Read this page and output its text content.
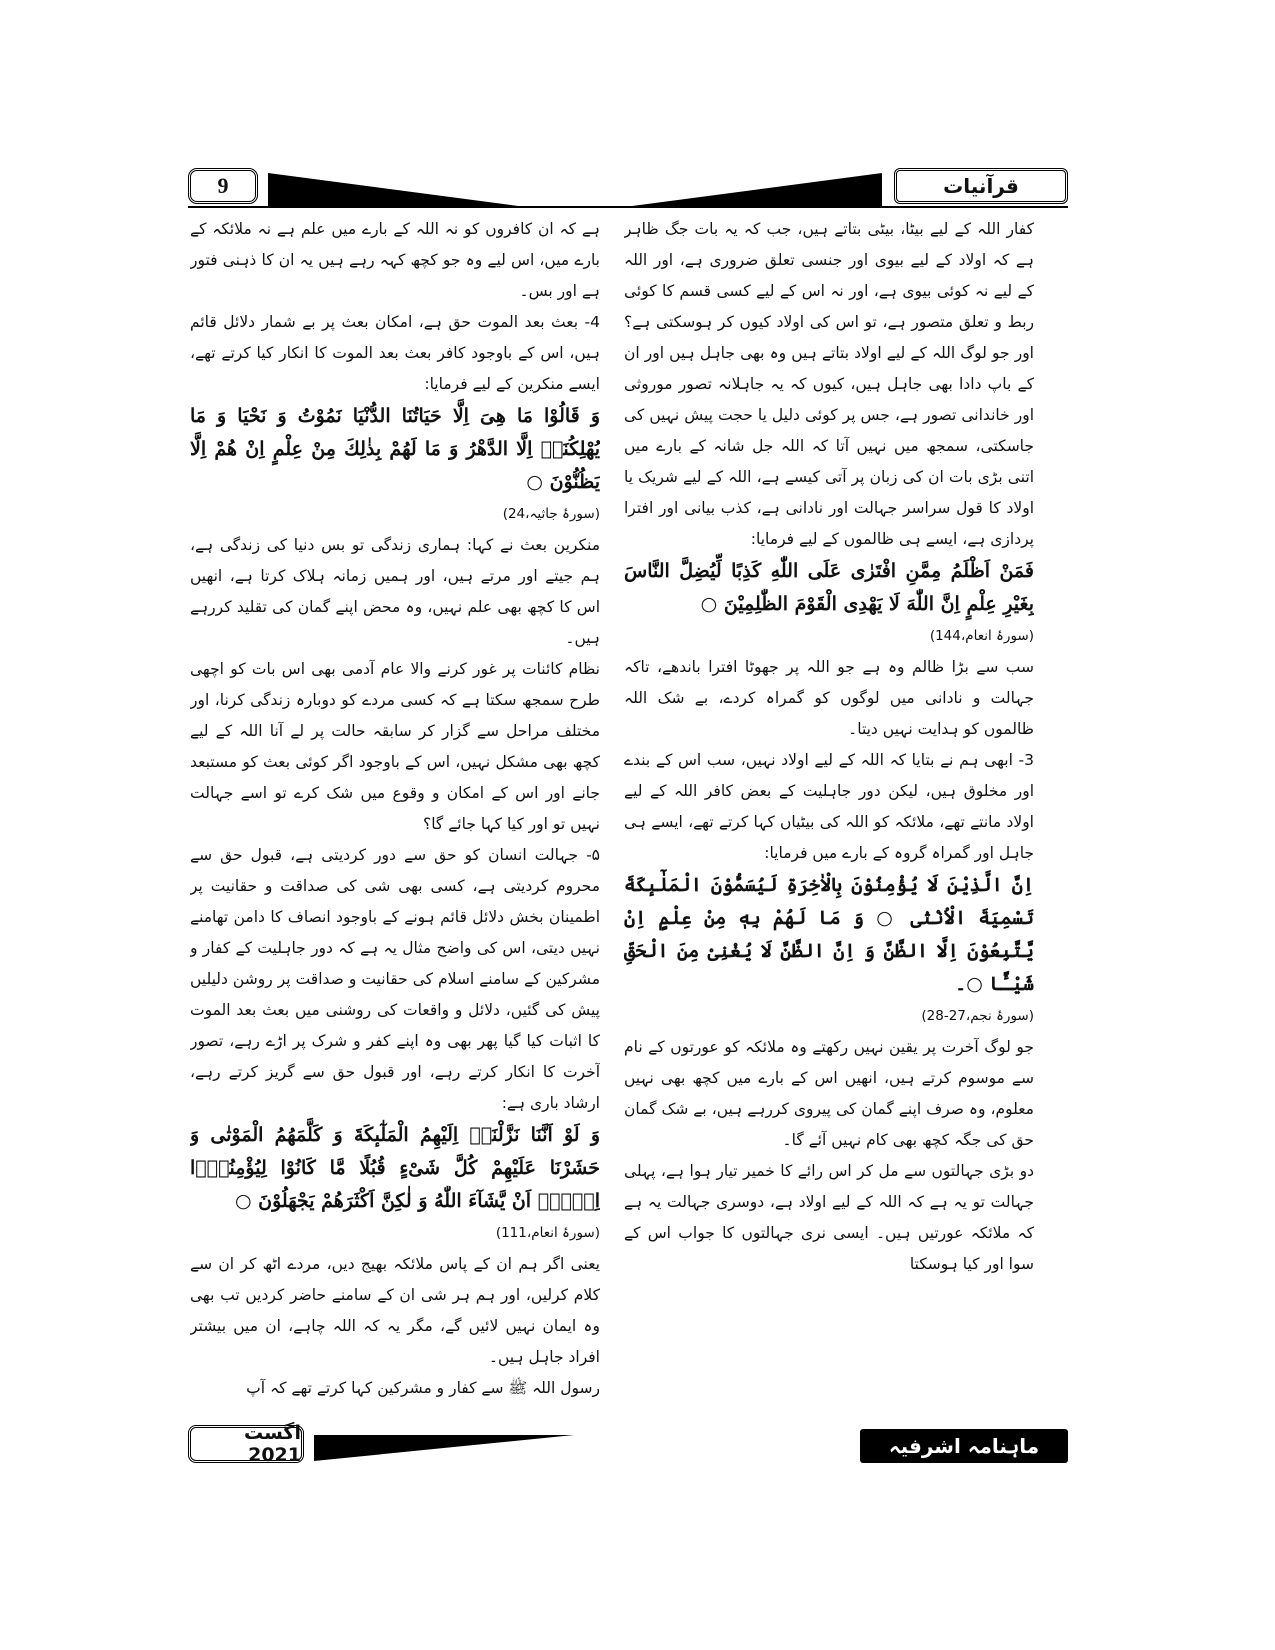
9	قرآنیات

کفار اللہ کے لیے بیٹا، بیٹی بتاتے ہیں، جب کہ یہ بات جگ ظاہر ہے کہ اولاد کے لیے بیوی اور جنسی تعلق ضروری ہے، اور اللہ کے لیے نہ کوئی بیوی ہے، اور نہ اس کے لیے کسی قسم کا کوئی ربط و تعلق متصور ہے، تو اس کی اولاد کیوں کر ہوسکتی ہے؟ اور جو لوگ اللہ کے لیے اولاد بتاتے ہیں وہ بھی جاہل ہیں اور ان کے باپ دادا بھی جاہل ہیں، کیوں کہ یہ جاہلانہ تصور موروثی اور خاندانی تصور ہے، جس پر کوئی دلیل یا حجت پیش نہیں کی جاسکتی، سمجھ میں نہیں آتا کہ اللہ جل شانہ کے بارے میں اتنی بڑی بات ان کی زبان پر آتی کیسے ہے، اللہ کے لیے شریک یا اولاد کا قول سراسر جہالت اور نادانی ہے، کذب بیانی اور افترا پردازی ہے، ایسے ہی ظالموں کے لیے فرمایا:

فَمَنْ اَظْلَمُ مِمَّنِ افْتَرٰی عَلَی اللّٰهِ كَذِبًا لِّیُضِلَّ النَّاسَ بِغَیْرِ عِلْمٍ اِنَّ اللّٰهَ لَا یَهْدِی الْقَوْمَ الظّٰلِمِیْنَ ○

(سورۂ انعام،144)

سب سے بڑا ظالم وہ ہے جو اللہ پر جھوٹا افترا باندھے، تاکہ جہالت و نادانی میں لوگوں کو گمراہ کردے، بے شک اللہ ظالموں کو ہدایت نہیں دیتا۔

3- ابھی ہم نے بتایا کہ اللہ کے لیے اولاد نہیں، سب اس کے بندے اور مخلوق ہیں، لیکن دور جاہلیت کے بعض کافر اللہ کے لیے اولاد مانتے تھے، ملائکہ کو اللہ کی بیٹیاں کہا کرتے تھے، ایسے ہی جاہل اور گمراہ گروہ کے بارے میں فرمایا:

اِنَّ الَّذِیْنَ لَا یُؤْمِنُوْنَ بِالْاٰخِرَةِ لَیُسَمُّوْنَ الْمَلٰٓىٕكَةَ تَسْمِیَةَ الْاُنْثٰی ○ وَ مَا لَهُمْ بِهٖ مِنْ عِلْمٍ اِنْ یَّتَّبِعُوْنَ اِلَّا الظَّنَّ وَ اِنَّ الظَّنَّ لَا یُغْنِیْ مِنَ الْحَقِّ شَیْـًٔا ○۔

(سورۂ نجم،27-28)

جو لوگ آخرت پر یقین نہیں رکھتے وہ ملائکہ کو عورتوں کے نام سے موسوم کرتے ہیں، انھیں اس کے بارے میں کچھ بھی نہیں معلوم، وہ صرف اپنے گمان کی پیروی کررہے ہیں، بے شک گمان حق کی جگہ کچھ بھی کام نہیں آئے گا۔

دو بڑی جہالتوں سے مل کر اس رائے کا خمیر تیار ہوا ہے، پہلی جہالت تو یہ ہے کہ اللہ کے لیے اولاد ہے، دوسری جہالت یہ ہے کہ ملائکہ عورتیں ہیں۔ ایسی نری جہالتوں کا جواب اس کے سوا اور کیا ہوسکتا

ہے کہ ان کافروں کو نہ اللہ کے بارے میں علم ہے نہ ملائکہ کے بارے میں، اس لیے وہ جو کچھ کہہ رہے ہیں یہ ان کا ذہنی فتور ہے اور بس۔

4- بعث بعد الموت حق ہے، امکان بعث پر بے شمار دلائل قائم ہیں، اس کے باوجود کافر بعث بعد الموت کا انکار کیا کرتے تھے، ایسے منکرین کے لیے فرمایا:

وَ قَالُوْا مَا هِیَ اِلَّا حَیَاتُنَا الدُّنْیَا نَمُوْتُ وَ نَحْیَا وَ مَا یُهْلِكُنَاۤ اِلَّا الدَّهْرُ وَ مَا لَهُمْ بِذٰلِكَ مِنْ عِلْمٍ اِنْ هُمْ اِلَّا یَظُنُّوْنَ ○

(سورۂ جاثیہ،24)

منکرین بعث نے کہا: ہماری زندگی تو بس دنیا کی زندگی ہے، ہم جیتے اور مرتے ہیں، اور ہمیں زمانہ ہلاک کرتا ہے، انھیں اس کا کچھ بھی علم نہیں، وہ محض اپنے گمان کی تقلید کررہے ہیں۔

نظام کائنات پر غور کرنے والا عام آدمی بھی اس بات کو اچھی طرح سمجھ سکتا ہے کہ کسی مردے کو دوبارہ زندگی کرنا، اور مختلف مراحل سے گزار کر سابقہ حالت پر لے آنا اللہ کے لیے کچھ بھی مشکل نہیں، اس کے باوجود اگر کوئی بعث کو مستبعد جانے اور اس کے امکان و وقوع میں شک کرے تو اسے جہالت نہیں تو اور کیا کہا جائے گا؟

۵- جہالت انسان کو حق سے دور کردیتی ہے، قبول حق سے محروم کردیتی ہے، کسی بھی شی کی صداقت و حقانیت پر اطمینان بخش دلائل قائم ہونے کے باوجود انصاف کا دامن تھامنے نہیں دیتی، اس کی واضح مثال یہ ہے کہ دور جاہلیت کے کفار و مشرکین کے سامنے اسلام کی حقانیت و صداقت پر روشن دلیلیں پیش کی گئیں، دلائل و واقعات کی روشنی میں بعث بعد الموت کا اثبات کیا گیا پھر بھی وہ اپنے کفر و شرک پر اڑے رہے، تصور آخرت کا انکار کرتے رہے، اور قبول حق سے گریز کرتے رہے، ارشاد باری ہے:

وَ لَوْ اَنَّنَا نَزَّلْنَاۤ اِلَیْهِمُ الْمَلٰٓىٕكَةَ وَ كَلَّمَهُمُ الْمَوْتٰی وَ حَشَرْنَا عَلَیْهِمْ كُلَّ شَیْءٍ قُبُلًا مَّا كَانُوْا لِیُؤْمِنُوْۤا اِلَّاۤ اَنْ یَّشَآءَ اللّٰهُ وَ لٰكِنَّ اَكْثَرَهُمْ یَجْهَلُوْنَ ○

(سورۂ انعام،111)

یعنی اگر ہم ان کے پاس ملائکہ بھیج دیں، مردے اٹھ کر ان سے کلام کرلیں، اور ہم ہر شی ان کے سامنے حاضر کردیں تب بھی وہ ایمان نہیں لائیں گے، مگر یہ کہ اللہ چاہے، ان میں بیشتر افراد جاہل ہیں۔

رسول اللہ ﷺ سے کفار و مشرکین کہا کرتے تھے کہ آپ

اگست 2021	ماہنامہ اشرفیہ
